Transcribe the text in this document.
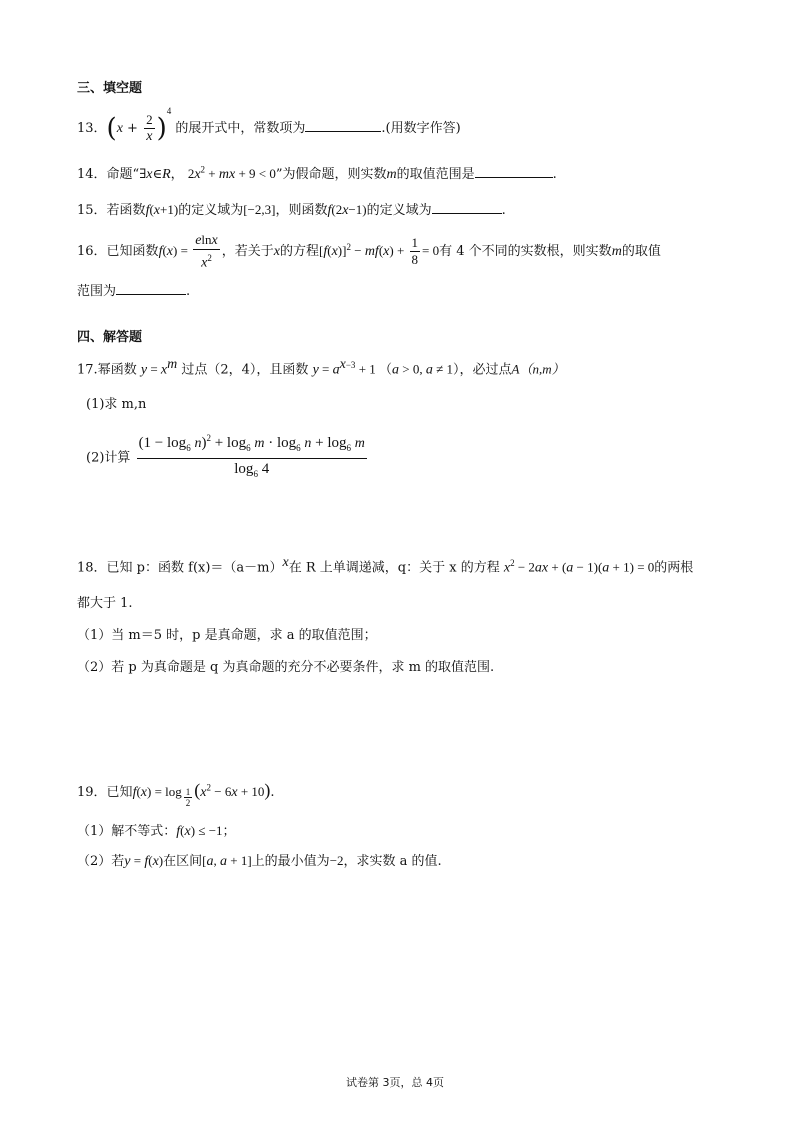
三、填空题
13．$(x + \frac{2}{x} )^4$ 的展开式中，常数项为	.(用数字作答)
14．命题“∃x∈R， $2x^2$ + mx + 9 < 0”为假命题，则实数m的取值范围是	.
15．若函数f(x+1)的定义域为[−2,3]，则函数f(2x−1)的定义域为	.
16．已知函数$f(x) = \frac{elnx}{x^2}$ ，若关于x的方程$[f(x)]^2 - mf(x) + \frac{1}{8} = 0$有 4 个不同的实数根，则实数m的取值
范围为	.
四、解答题
17.幂函数 $y = x^m$ 过点（2，4），且函数 $y = a^{x-3} + 1$ （a > 0, a ≠ 1），必过点A（n,m）
(1)求 m,n
(2)计算 $\frac{(1 - \log_6 n)^2 + \log_6 m \cdot \log_6 n + \log_6 m}{\log_6 4}$
18．已知 p：函数 $f(x)=(a-m)^x$在 R 上单调递减，q：关于 x 的方程 $x^2 - 2ax + (a - 1)(a + 1) = 0$的两根
都大于 1.
（1）当 m＝5 时，p 是真命题，求 a 的取值范围；
（2）若 p 为真命题是 q 为真命题的充分不必要条件，求 m 的取值范围.
19．已知$f(x) = \log \frac{1}{2} (x^2 - 6x + 10)$.
（1）解不等式：f(x) ≤ −1；
（2）若y = f(x)在区间[a, a + 1]上的最小值为−2，求实数 a 的值.
试卷第 3页，总 4页
